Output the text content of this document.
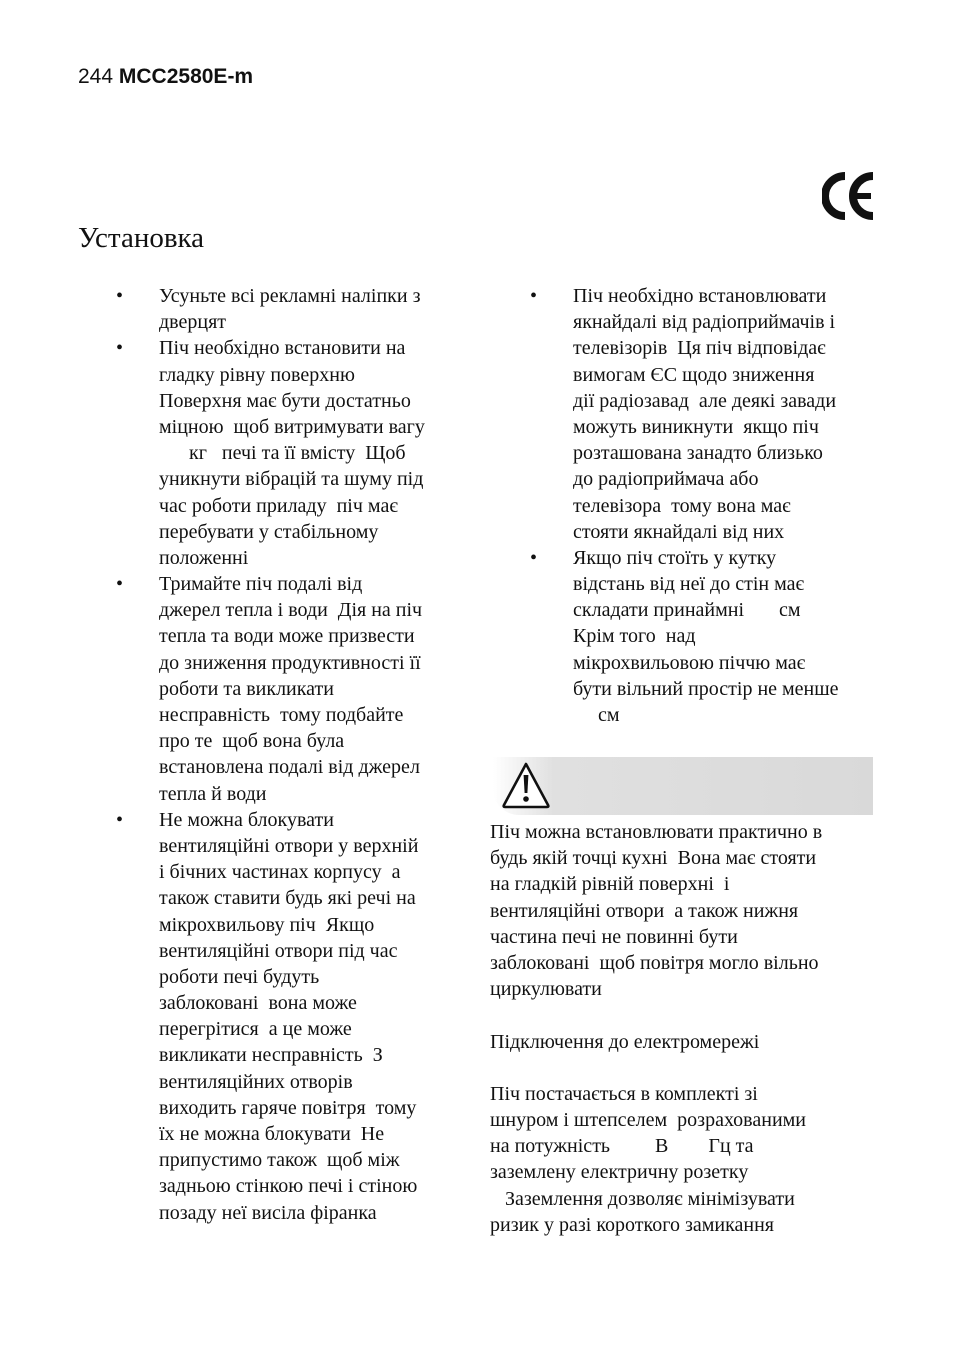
244 MCC2580E-m
Установка
• Усуньте всі рекламні наліпки з
дверцят
• Піч необхідно встановити на
гладку рівну поверхню
Поверхня має бути достатньо
міцною  щоб витримувати вагу
кг   печі та її вмісту  Щоб
уникнути вібрацій та шуму під
час роботи приладу  піч має
перебувати у стабільному
положенні
• Тримайте піч подалі від
джерел тепла і води  Дія на піч
тепла та води може призвести
до зниження продуктивності її
роботи та викликати
несправність  тому подбайте
про те  щоб вона була
встановлена подалі від джерел
тепла й води
• Не можна блокувати
вентиляційні отвори у верхній
і бічних частинах корпусу  а
також ставити будь які речі на
мікрохвильову піч  Якщо
вентиляційні отвори під час
роботи печі будуть
заблоковані  вона може
перегрітися  а це може
викликати несправність  З
вентиляційних отворів
виходить гаряче повітря  тому
їх не можна блокувати  Не
припустимо також  щоб між
задньою стінкою печі і стіною
позаду неї висіла фіранка
• Піч необхідно встановлювати
якнайдалі від радіоприймачів і
телевізорів  Ця піч відповідає
вимогам ЄС щодо зниження
дії радіозавад  але деякі завади
можуть виникнути  якщо піч
розташована занадто близько
до радіоприймача або
телевізора  тому вона має
стояти якнайдалі від них
• Якщо піч стоїть у кутку
відстань від неї до стін має
складати принаймні       см
Крім того  над
мікрохвильовою піччю має
бути вільний простір не менше
см
Піч можна встановлювати практично в
будь якій точці кухні  Вона має стояти
на гладкій рівній поверхні  і
вентиляційні отвори  а також нижня
частина печі не повинні бути
заблоковані  щоб повітря могло вільно
циркулювати
Підключення до електромережі
Піч постачається в комплекті зі
шнуром і штепселем  розрахованими
на потужність         В        Гц та
заземлену електричну розетку
Заземлення дозволяє мінімізувати
ризик у разі короткого замикання
